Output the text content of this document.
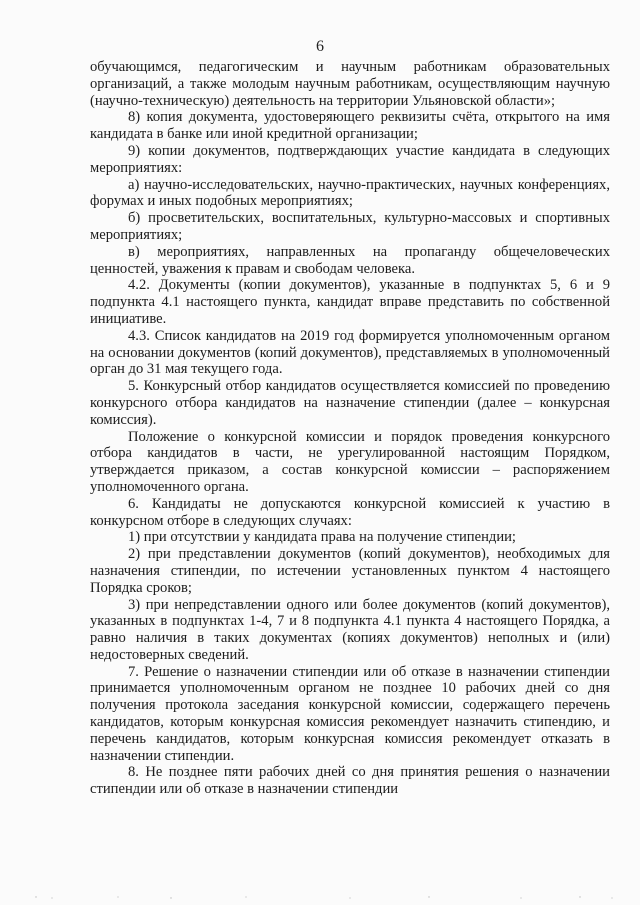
6

обучающимся, педагогическим и научным работникам образовательных организаций, а также молодым научным работникам, осуществляющим научную (научно-техническую) деятельность на территории Ульяновской области»;

8) копия документа, удостоверяющего реквизиты счёта, открытого на имя кандидата в банке или иной кредитной организации;

9) копии документов, подтверждающих участие кандидата в следующих мероприятиях:

а) научно-исследовательских, научно-практических, научных конференциях, форумах и иных подобных мероприятиях;

б) просветительских, воспитательных, культурно-массовых и спортивных мероприятиях;

в) мероприятиях, направленных на пропаганду общечеловеческих ценностей, уважения к правам и свободам человека.

4.2. Документы (копии документов), указанные в подпунктах 5, 6 и 9 подпункта 4.1 настоящего пункта, кандидат вправе представить по собственной инициативе.

4.3. Список кандидатов на 2019 год формируется уполномоченным органом на основании документов (копий документов), представляемых в уполномоченный орган до 31 мая текущего года.

5. Конкурсный отбор кандидатов осуществляется комиссией по проведению конкурсного отбора кандидатов на назначение стипендии (далее – конкурсная комиссия).

Положение о конкурсной комиссии и порядок проведения конкурсного отбора кандидатов в части, не урегулированной настоящим Порядком, утверждается приказом, а состав конкурсной комиссии – распоряжением уполномоченного органа.

6. Кандидаты не допускаются конкурсной комиссией к участию в конкурсном отборе в следующих случаях:

1) при отсутствии у кандидата права на получение стипендии;

2) при представлении документов (копий документов), необходимых для назначения стипендии, по истечении установленных пунктом 4 настоящего Порядка сроков;

3) при непредставлении одного или более документов (копий документов), указанных в подпунктах 1-4, 7 и 8 подпункта 4.1 пункта 4 настоящего Порядка, а равно наличия в таких документах (копиях документов) неполных и (или) недостоверных сведений.

7. Решение о назначении стипендии или об отказе в назначении стипендии принимается уполномоченным органом не позднее 10 рабочих дней со дня получения протокола заседания конкурсной комиссии, содержащего перечень кандидатов, которым конкурсная комиссия рекомендует назначить стипендию, и перечень кандидатов, которым конкурсная комиссия рекомендует отказать в назначении стипендии.

8. Не позднее пяти рабочих дней со дня принятия решения о назначении стипендии или об отказе в назначении стипендии
